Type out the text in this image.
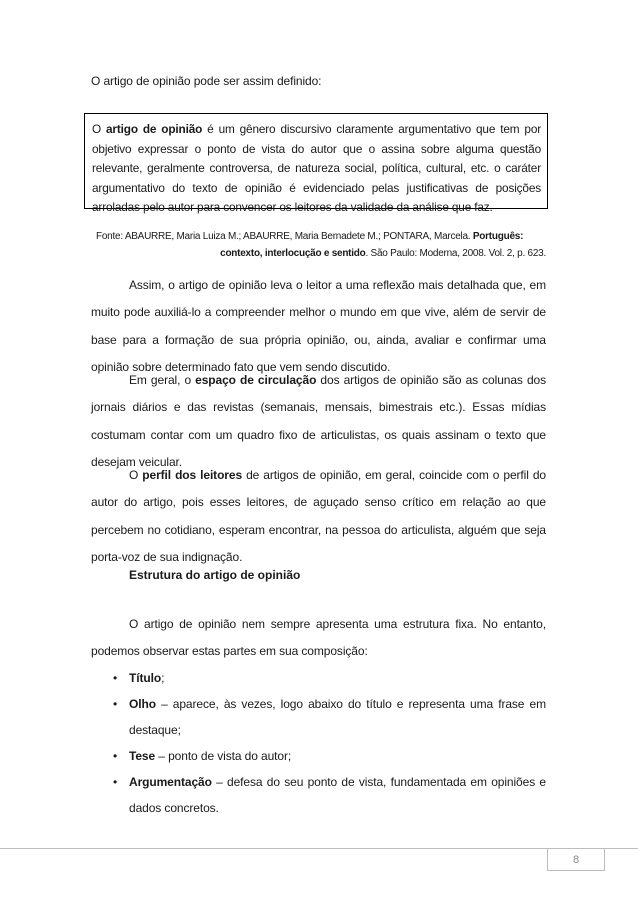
O artigo de opinião pode ser assim definido:
O artigo de opinião é um gênero discursivo claramente argumentativo que tem por objetivo expressar o ponto de vista do autor que o assina sobre alguma questão relevante, geralmente controversa, de natureza social, política, cultural, etc. o caráter argumentativo do texto de opinião é evidenciado pelas justificativas de posições arroladas pelo autor para convencer os leitores da validade da análise que faz.
Fonte: ABAURRE, Maria Luiza M.; ABAURRE, Maria Bernadete M.; PONTARA, Marcela. Português:
contexto, interlocução e sentido. São Paulo: Moderna, 2008. Vol. 2, p. 623.

Assim, o artigo de opinião leva o leitor a uma reflexão mais detalhada que, em muito pode auxiliá-lo a compreender melhor o mundo em que vive, além de servir de base para a formação de sua própria opinião, ou, ainda, avaliar e confirmar uma opinião sobre determinado fato que vem sendo discutido.

Em geral, o espaço de circulação dos artigos de opinião são as colunas dos jornais diários e das revistas (semanais, mensais, bimestrais etc.). Essas mídias costumam contar com um quadro fixo de articulistas, os quais assinam o texto que desejam veicular.

O perfil dos leitores de artigos de opinião, em geral, coincide com o perfil do autor do artigo, pois esses leitores, de aguçado senso crítico em relação ao que percebem no cotidiano, esperam encontrar, na pessoa do articulista, alguém que seja porta-voz de sua indignação.

Estrutura do artigo de opinião

O artigo de opinião nem sempre apresenta uma estrutura fixa. No entanto, podemos observar estas partes em sua composição:

• Título;
• Olho – aparece, às vezes, logo abaixo do título e representa uma frase em destaque;
• Tese – ponto de vista do autor;
• Argumentação – defesa do seu ponto de vista, fundamentada em opiniões e dados concretos.
8
